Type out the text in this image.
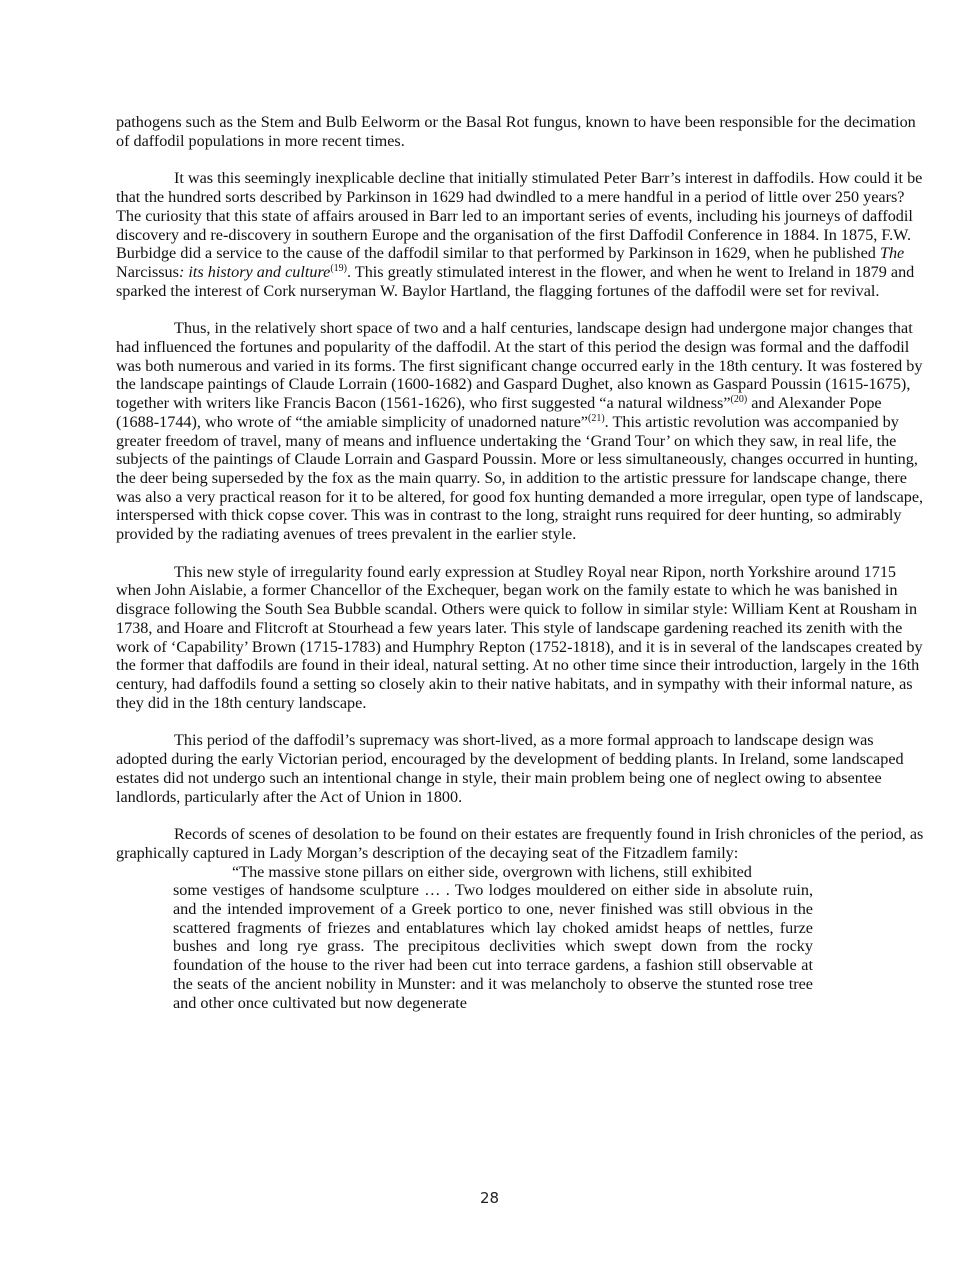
pathogens such as the Stem and Bulb Eelworm or the Basal Rot fungus, known to have been responsible for the decimation of daffodil populations in more recent times.

It was this seemingly inexplicable decline that initially stimulated Peter Barr’s interest in daffodils. How could it be that the hundred sorts described by Parkinson in 1629 had dwindled to a mere handful in a period of little over 250 years? The curiosity that this state of affairs aroused in Barr led to an important series of events, including his journeys of daffodil discovery and re-discovery in southern Europe and the organisation of the first Daffodil Conference in 1884. In 1875, F.W. Burbidge did a service to the cause of the daffodil similar to that performed by Parkinson in 1629, when he published The Narcissus: its history and culture$^{(19)}$. This greatly stimulated interest in the flower, and when he went to Ireland in 1879 and sparked the interest of Cork nurseryman W. Baylor Hartland, the flagging fortunes of the daffodil were set for revival.

Thus, in the relatively short space of two and a half centuries, landscape design had undergone major changes that had influenced the fortunes and popularity of the daffodil. At the start of this period the design was formal and the daffodil was both numerous and varied in its forms. The first significant change occurred early in the 18th century. It was fostered by the landscape paintings of Claude Lorrain (1600-1682) and Gaspard Dughet, also known as Gaspard Poussin (1615-1675), together with writers like Francis Bacon (1561-1626), who first suggested “a natural wildness”$^{(20)}$ and Alexander Pope (1688-1744), who wrote of “the amiable simplicity of unadorned nature”$^{(21)}$. This artistic revolution was accompanied by greater freedom of travel, many of means and influence undertaking the ‘Grand Tour’ on which they saw, in real life, the subjects of the paintings of Claude Lorrain and Gaspard Poussin. More or less simultaneously, changes occurred in hunting, the deer being superseded by the fox as the main quarry. So, in addition to the artistic pressure for landscape change, there was also a very practical reason for it to be altered, for good fox hunting demanded a more irregular, open type of landscape, interspersed with thick copse cover. This was in contrast to the long, straight runs required for deer hunting, so admirably provided by the radiating avenues of trees prevalent in the earlier style.

This new style of irregularity found early expression at Studley Royal near Ripon, north Yorkshire around 1715 when John Aislabie, a former Chancellor of the Exchequer, began work on the family estate to which he was banished in disgrace following the South Sea Bubble scandal. Others were quick to follow in similar style: William Kent at Rousham in 1738, and Hoare and Flitcroft at Stourhead a few years later. This style of landscape gardening reached its zenith with the work of ‘Capability’ Brown (1715-1783) and Humphry Repton (1752-1818), and it is in several of the landscapes created by the former that daffodils are found in their ideal, natural setting. At no other time since their introduction, largely in the 16th century, had daffodils found a setting so closely akin to their native habitats, and in sympathy with their informal nature, as they did in the 18th century landscape.

This period of the daffodil’s supremacy was short-lived, as a more formal approach to landscape design was adopted during the early Victorian period, encouraged by the development of bedding plants. In Ireland, some landscaped estates did not undergo such an intentional change in style, their main problem being one of neglect owing to absentee landlords, particularly after the Act of Union in 1800.

Records of scenes of desolation to be found on their estates are frequently found in Irish chronicles of the period, as graphically captured in Lady Morgan’s description of the decaying seat of the Fitzadlem family:

“The massive stone pillars on either side, overgrown with lichens, still exhibited
some vestiges of handsome sculpture … . Two lodges mouldered on either side in absolute ruin, and the intended improvement of a Greek portico to one, never finished was still obvious in the scattered fragments of friezes and entablatures which lay choked amidst heaps of nettles, furze bushes and long rye grass. The precipitous declivities which swept down from the rocky foundation of the house to the river had been cut into terrace gardens, a fashion still observable at the seats of the ancient nobility in Munster: and it was melancholy to observe the stunted rose tree and other once cultivated but now degenerate
28
